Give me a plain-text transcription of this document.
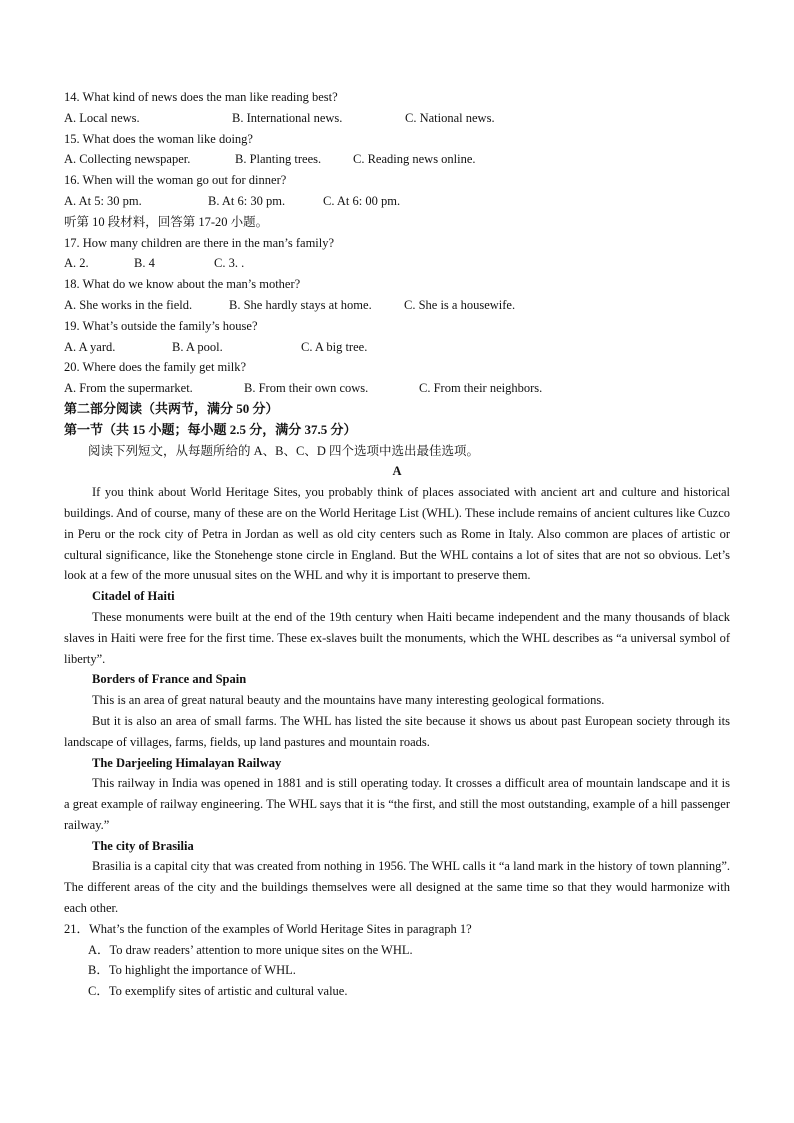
14. What kind of news does the man like reading best?
A. Local news.	B. International news.	C. National news.
15. What does the woman like doing?
A. Collecting newspaper.	B. Planting trees.	C. Reading news online.
16. When will the woman go out for dinner?
A. At 5: 30 pm.	B. At 6: 30 pm.	C. At 6: 00 pm.
听第 10 段材料，回答第 17-20 小题。
17. How many children are there in the man’s family?
A. 2.	B. 4	C. 3. .
18. What do we know about the man’s mother?
A. She works in the field.	B. She hardly stays at home.	C. She is a housewife.
19. What’s outside the family’s house?
A. A yard.	B. A pool.	C. A big tree.
20. Where does the family get milk?
A. From the supermarket.	B. From their own cows.	C. From their neighbors.
第二部分阅读（共两节，满分 50 分）
第一节（共 15 小题；每小题 2.5 分，满分 37.5 分）
阅读下列短文，从每题所给的 A、B、C、D 四个选项中选出最佳选项。
A

If you think about World Heritage Sites, you probably think of places associated with ancient art and culture and historical buildings. And of course, many of these are on the World Heritage List (WHL). These include remains of ancient cultures like Cuzco in Peru or the rock city of Petra in Jordan as well as old city centers such as Rome in Italy. Also common are places of artistic or cultural significance, like the Stonehenge stone circle in England. But the WHL contains a lot of sites that are not so obvious. Let’s look at a few of the more unusual sites on the WHL and why it is important to preserve them.

Citadel of Haiti

These monuments were built at the end of the 19th century when Haiti became independent and the many thousands of black slaves in Haiti were free for the first time. These ex-slaves built the monuments, which the WHL describes as “a universal symbol of liberty”.

Borders of France and Spain

This is an area of great natural beauty and the mountains have many interesting geological formations.

But it is also an area of small farms. The WHL has listed the site because it shows us about past European society through its landscape of villages, farms, fields, up land pastures and mountain roads.

The Darjeeling Himalayan Railway

This railway in India was opened in 1881 and is still operating today. It crosses a difficult area of mountain landscape and it is a great example of railway engineering. The WHL says that it is “the first, and still the most outstanding, example of a hill passenger railway.”

The city of Brasilia

Brasilia is a capital city that was created from nothing in 1956. The WHL calls it “a land mark in the history of town planning”. The different areas of the city and the buildings themselves were all designed at the same time so that they would harmonize with each other.

21．What’s the function of the examples of World Heritage Sites in paragraph 1?
A．To draw readers’ attention to more unique sites on the WHL.
B．To highlight the importance of WHL.
C．To exemplify sites of artistic and cultural value.
